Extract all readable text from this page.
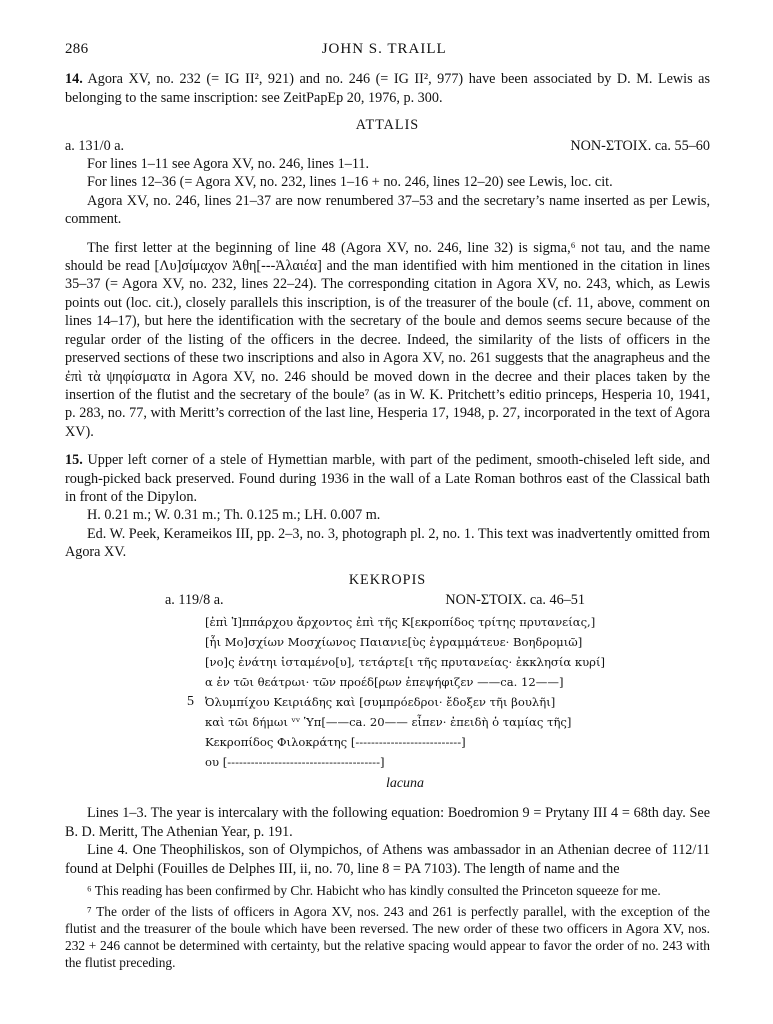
286	JOHN S. TRAILL

14. Agora XV, no. 232 (= IG II², 921) and no. 246 (= IG II², 977) have been associated by D. M. Lewis as belonging to the same inscription: see ZeitPapEp 20, 1976, p. 300.

ATTALIS
a. 131/0 a.	NON-ΣTOIX. ca. 55–60

For lines 1–11 see Agora XV, no. 246, lines 1–11.

For lines 12–36 (= Agora XV, no. 232, lines 1–16 + no. 246, lines 12–20) see Lewis, loc. cit.

Agora XV, no. 246, lines 21–37 are now renumbered 37–53 and the secretary’s name inserted as per Lewis, comment.

The first letter at the beginning of line 48 (Agora XV, no. 246, line 32) is sigma,⁶ not tau, and the name should be read [Λυ]σίμαχον Ἀθη[---Ἁλαιέα] and the man identified with him mentioned in the citation in lines 35–37 (= Agora XV, no. 232, lines 22–24). The corresponding citation in Agora XV, no. 243, which, as Lewis points out (loc. cit.), closely parallels this inscription, is of the treasurer of the boule (cf. 11, above, comment on lines 14–17), but here the identification with the secretary of the boule and demos seems secure because of the regular order of the listing of the officers in the decree. Indeed, the similarity of the lists of officers in the preserved sections of these two inscriptions and also in Agora XV, no. 261 suggests that the anagrapheus and the ἐπὶ τὰ ψηφίσματα in Agora XV, no. 246 should be moved down in the decree and their places taken by the insertion of the flutist and the secretary of the boule⁷ (as in W. K. Pritchett’s editio princeps, Hesperia 10, 1941, p. 283, no. 77, with Meritt’s correction of the last line, Hesperia 17, 1948, p. 27, incorporated in the text of Agora XV).

15. Upper left corner of a stele of Hymettian marble, with part of the pediment, smooth-chiseled left side, and rough-picked back preserved. Found during 1936 in the wall of a Late Roman bothros east of the Classical bath in front of the Dipylon.

H. 0.21 m.; W. 0.31 m.; Th. 0.125 m.; LH. 0.007 m.

Ed. W. Peek, Kerameikos III, pp. 2–3, no. 3, photograph pl. 2, no. 1. This text was inadvertently omitted from Agora XV.

KEKROPIS
a. 119/8 a.	NON-ΣTOIX. ca. 46–51
[ἐπὶ Ἱ]ππάρχου ἄρχοντος ἐπὶ τῆς Κ[εκροπίδος τρίτης πρυτανείας,]
[ἧι Μο]σχίων Μοσχίωνος Παιανιε[ὺς ἐγραμμάτευε· Βοηδρομιῶ]
[νο]ς ἐνάτηι ἱσταμένο[υ], τετάρτε[ι τῆς πρυτανείας· ἐκκλησία κυρί]
α ἐν τῶι θεάτρωι· τῶν προέδ[ρων ἐπεψήφιζεν ——ca. 12——]
5 Ὀλυμπίχου Κειριάδης καὶ [συμπρόεδροι· ἔδοξεν τῆι βουλῆι]
καὶ τῶι δήμωι ᵛᵛ Ὑπ[——ca. 20—— εἶπεν· ἐπειδὴ ὁ ταμίας τῆς]
Κεκροπίδος Φιλοκράτης [---------------------------]
ου [---------------------------------------]
lacuna

Lines 1–3. The year is intercalary with the following equation: Boedromion 9 = Prytany III 4 = 68th day. See B. D. Meritt, The Athenian Year, p. 191.

Line 4. One Theophiliskos, son of Olympichos, of Athens was ambassador in an Athenian decree of 112/11 found at Delphi (Fouilles de Delphes III, ii, no. 70, line 8 = PA 7103). The length of name and the

⁶ This reading has been confirmed by Chr. Habicht who has kindly consulted the Princeton squeeze for me.

⁷ The order of the lists of officers in Agora XV, nos. 243 and 261 is perfectly parallel, with the exception of the flutist and the treasurer of the boule which have been reversed. The new order of these two officers in Agora XV, nos. 232 + 246 cannot be determined with certainty, but the relative spacing would appear to favor the order of no. 243 with the flutist preceding.
